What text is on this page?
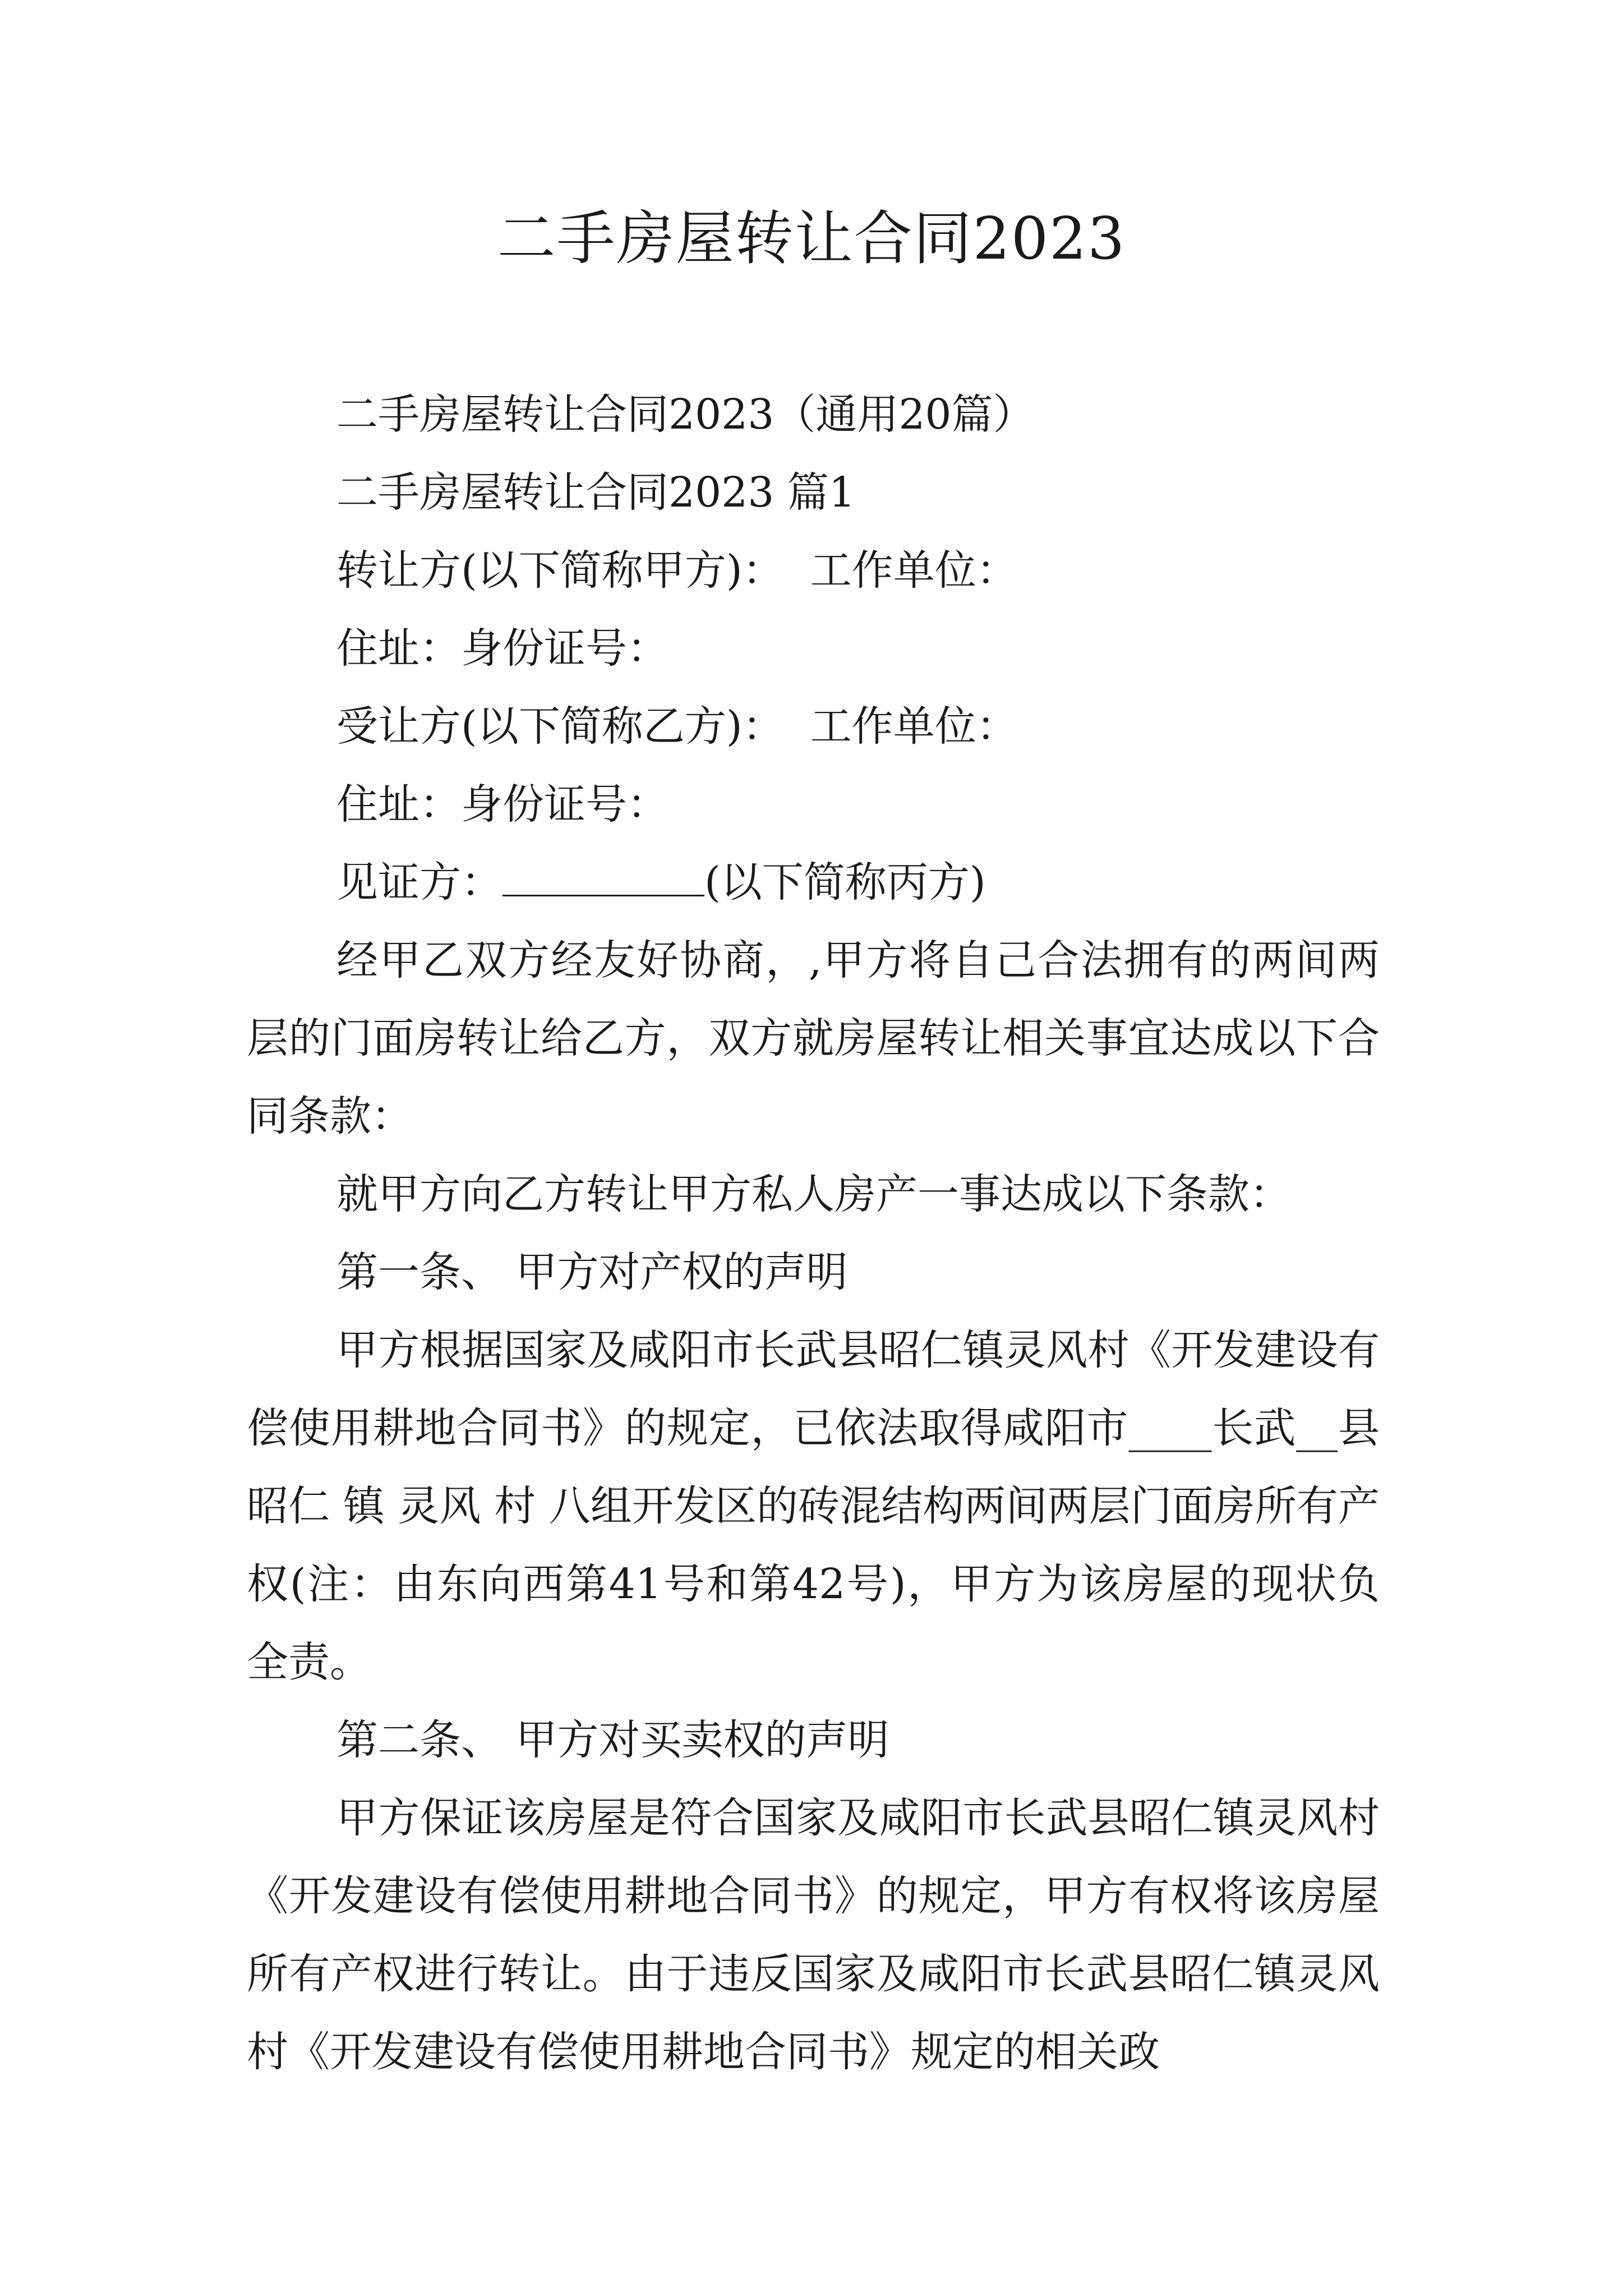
二手房屋转让合同2023

二手房屋转让合同2023（通用20篇）

二手房屋转让合同2023 篇1

转让方(以下简称甲方)：  工作单位：

住址：身份证号：

受让方(以下简称乙方)：  工作单位：

住址：身份证号：

见证方：	(以下简称丙方)

经甲乙双方经友好协商，,甲方将自己合法拥有的两间两层的门面房转让给乙方，双方就房屋转让相关事宜达成以下合同条款：

就甲方向乙方转让甲方私人房产一事达成以下条款：

第一条、 甲方对产权的声明

甲方根据国家及咸阳市长武县昭仁镇灵风村《开发建设有偿使用耕地合同书》的规定，已依法取得咸阳市____长武__县 昭仁 镇 灵风 村 八组开发区的砖混结构两间两层门面房所有产权(注：由东向西第41号和第42号)，甲方为该房屋的现状负全责。

第二条、 甲方对买卖权的声明

甲方保证该房屋是符合国家及咸阳市长武县昭仁镇灵风村《开发建设有偿使用耕地合同书》的规定，甲方有权将该房屋所有产权进行转让。由于违反国家及咸阳市长武县昭仁镇灵风村《开发建设有偿使用耕地合同书》规定的相关政
